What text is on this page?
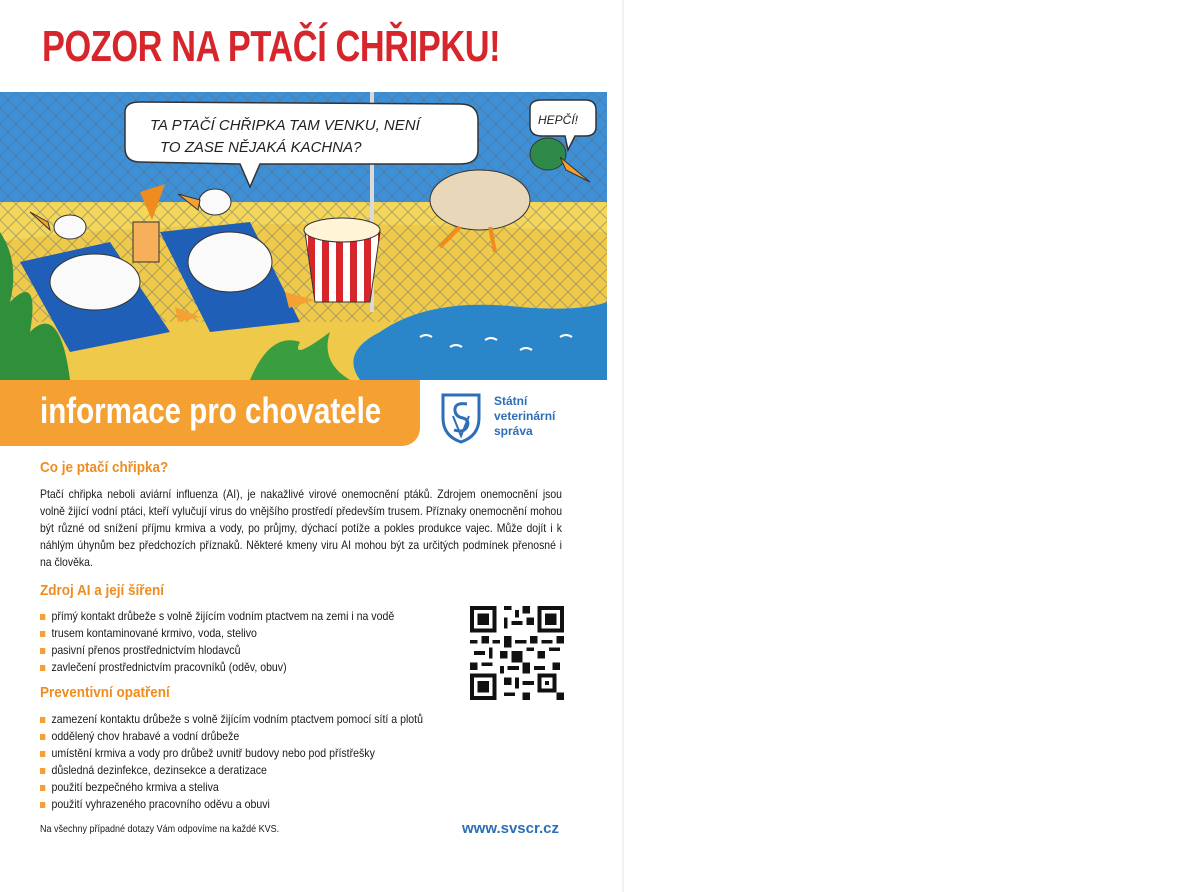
POZOR NA PTAČÍ CHŘIPKU!
TA PTAČÍ CHŘIPKA TAM VENKU, NENÍ
TO ZASE NĚJAKÁ KACHNA?
HEPČÍ!
informace pro chovatele	Státní
veterinární
správa
Co je ptačí chřipka?
Ptačí chřipka neboli aviární influenza (AI), je nakažlivé virové onemocnění ptáků. Zdrojem onemocnění jsou volně žijící vodní ptáci, kteří vylučují virus do vnějšího prostředí především trusem. Příznaky onemocnění mohou být různé od snížení příjmu krmiva a vody, po průjmy, dýchací potíže a pokles produkce vajec. Může dojít i k náhlým úhynům bez předchozích příznaků. Některé kmeny viru AI mohou být za určitých podmínek přenosné i na člověka.
Zdroj AI a její šíření
přímý kontakt drůbeže s volně žijícím vodním ptactvem na zemi i na vodě
trusem kontaminované krmivo, voda, stelivo
pasivní přenos prostřednictvím hlodavců
zavlečení prostřednictvím pracovníků (oděv, obuv)
Preventivní opatření
zamezení kontaktu drůbeže s volně žijícím vodním ptactvem pomocí sítí a plotů
oddělený chov hrabavé a vodní drůbeže
umístění krmiva a vody pro drůbež uvnitř budovy nebo pod přístřešky
důsledná dezinfekce, dezinsekce a deratizace
použití bezpečného krmiva a steliva
použití vyhrazeného pracovního oděvu a obuvi
Na všechny případné dotazy Vám odpovíme na každé KVS.	www.svscr.cz
